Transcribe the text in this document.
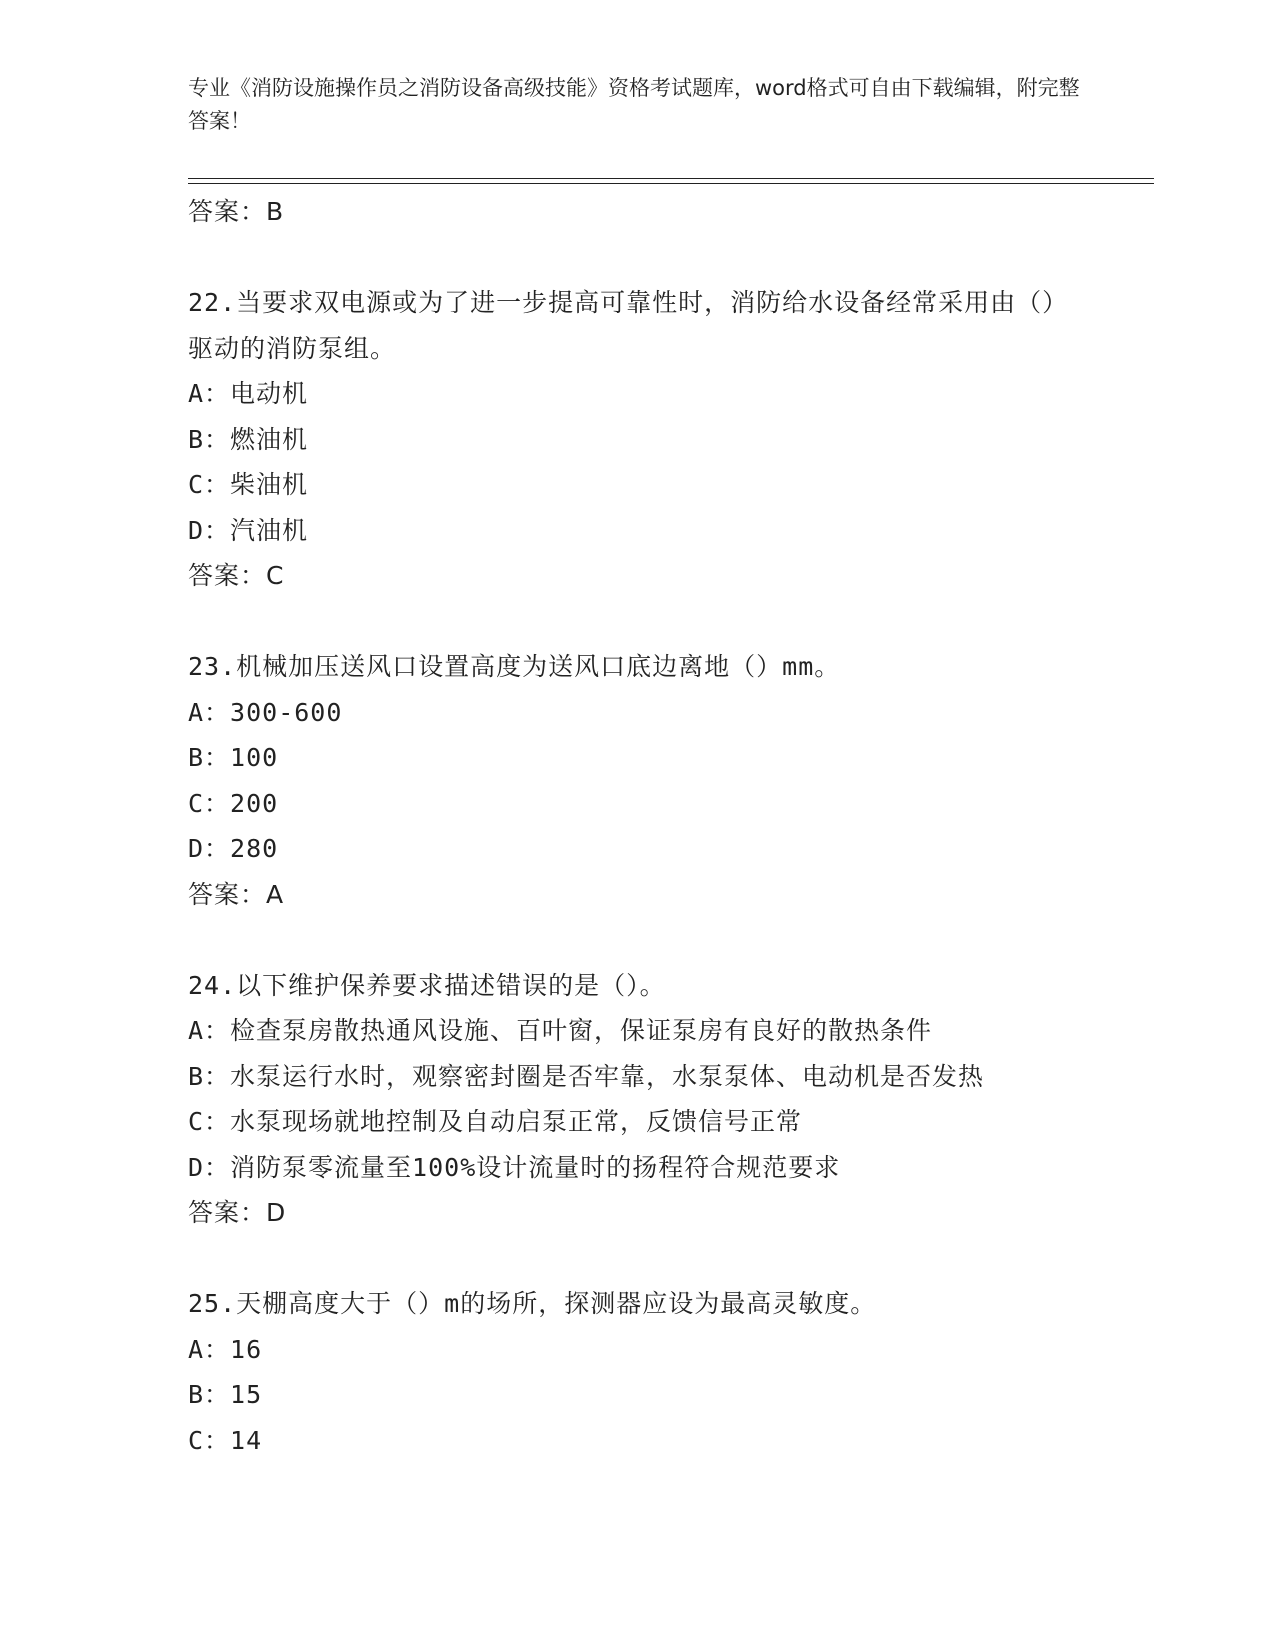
专业《消防设施操作员之消防设备高级技能》资格考试题库，word格式可自由下载编辑，附完整答案！
答案：B
22.当要求双电源或为了进一步提高可靠性时，消防给水设备经常采用由（）驱动的消防泵组。
A：电动机
B：燃油机
C：柴油机
D：汽油机
答案：C
23.机械加压送风口设置高度为送风口底边离地（）mm。
A：300-600
B：100
C：200
D：280
答案：A
24.以下维护保养要求描述错误的是（）。
A：检查泵房散热通风设施、百叶窗，保证泵房有良好的散热条件
B：水泵运行水时，观察密封圈是否牢靠，水泵泵体、电动机是否发热
C：水泵现场就地控制及自动启泵正常，反馈信号正常
D：消防泵零流量至100%设计流量时的扬程符合规范要求
答案：D
25.天棚高度大于（）m的场所，探测器应设为最高灵敏度。
A：16
B：15
C：14
